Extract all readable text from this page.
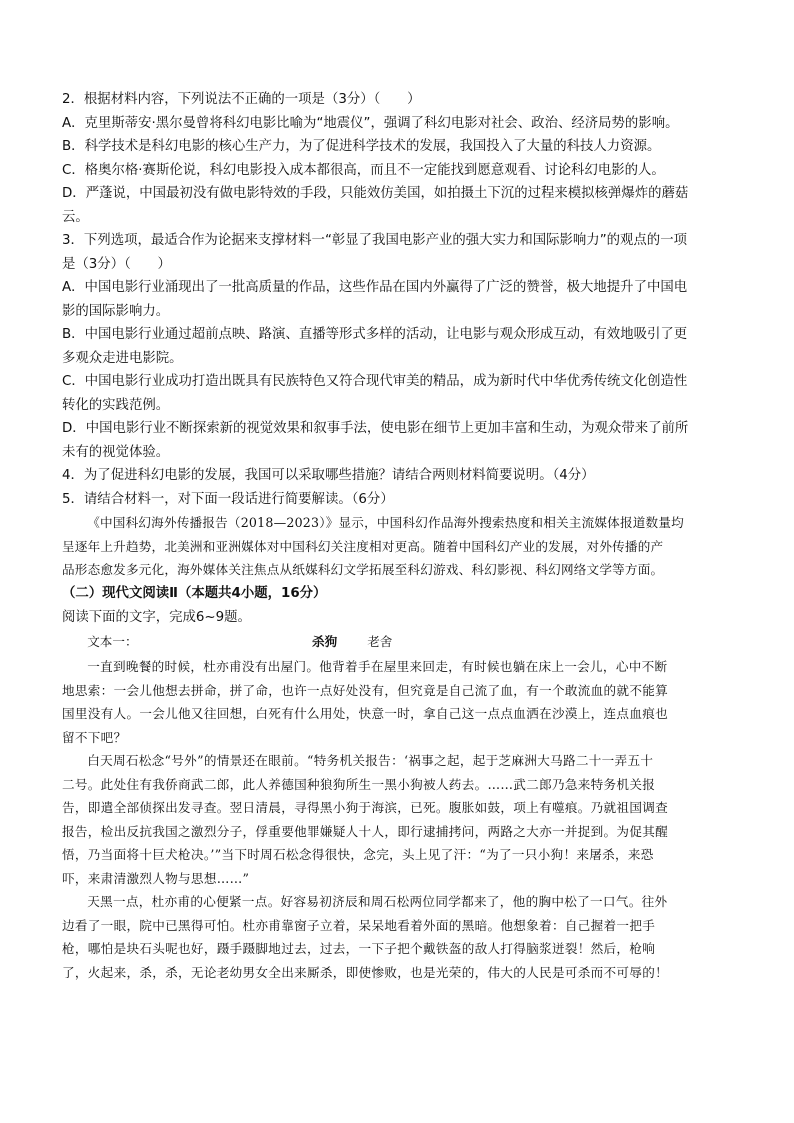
2．根据材料内容，下列说法不正确的一项是（3分）（　　）
A．克里斯蒂安·黑尔曼曾将科幻电影比喻为“地震仪”，强调了科幻电影对社会、政治、经济局势的影响。
B．科学技术是科幻电影的核心生产力，为了促进科学技术的发展，我国投入了大量的科技人力资源。
C．格奥尔格·赛斯伦说，科幻电影投入成本都很高，而且不一定能找到愿意观看、讨论科幻电影的人。
D．严蓬说，中国最初没有做电影特效的手段，只能效仿美国，如拍摄土下沉的过程来模拟核弹爆炸的蘑菇
云。
3．下列选项，最适合作为论据来支撑材料一“彰显了我国电影产业的强大实力和国际影响力”的观点的一项
是（3分）（　　）
A．中国电影行业涌现出了一批高质量的作品，这些作品在国内外赢得了广泛的赞誉，极大地提升了中国电
影的国际影响力。
B．中国电影行业通过超前点映、路演、直播等形式多样的活动，让电影与观众形成互动，有效地吸引了更
多观众走进电影院。
C．中国电影行业成功打造出既具有民族特色又符合现代审美的精品，成为新时代中华优秀传统文化创造性
转化的实践范例。
D．中国电影行业不断探索新的视觉效果和叙事手法，使电影在细节上更加丰富和生动，为观众带来了前所
未有的视觉体验。
4．为了促进科幻电影的发展，我国可以采取哪些措施？请结合两则材料简要说明。（4分）
5．请结合材料一，对下面一段话进行简要解读。（6分）
《中国科幻海外传播报告（2018—2023）》显示，中国科幻作品海外搜索热度和相关主流媒体报道数量均
呈逐年上升趋势，北美洲和亚洲媒体对中国科幻关注度相对更高。随着中国科幻产业的发展，对外传播的产
品形态愈发多元化，海外媒体关注焦点从纸媒科幻文学拓展至科幻游戏、科幻影视、科幻网络文学等方面。
（二）现代文阅读Ⅱ（本题共4小题，16分）
阅读下面的文字，完成6~9题。
文本一：	杀狗 老舍
一直到晚餐的时候，杜亦甫没有出屋门。他背着手在屋里来回走，有时候也躺在床上一会儿，心中不断
地思索：一会儿他想去拼命，拼了命，也许一点好处没有，但究竟是自己流了血，有一个敢流血的就不能算
国里没有人。一会儿他又往回想，白死有什么用处，快意一时，拿自己这一点点血洒在沙漠上，连点血痕也
留不下吧？
白天周石松念“号外”的情景还在眼前。“特务机关报告：‘祸事之起，起于芝麻洲大马路二十一弄五十
二号。此处住有我侨商武二郎，此人养德国种狼狗所生一黑小狗被人药去。……武二郎乃急来特务机关报
告，即遣全部侦探出发寻查。翌日清晨，寻得黑小狗于海滨，已死。腹胀如鼓，项上有噬痕。乃就祖国调查
报告，检出反抗我国之激烈分子，俘重要他罪嫌疑人十人，即行逮捕拷问，两路之大亦一并捉到。为促其醒
悟，乃当面将十巨犬枪决。’”当下时周石松念得很快，念完，头上见了汗：“为了一只小狗！来屠杀，来恐
吓，来肃清激烈人物与思想……”
天黑一点，杜亦甫的心便紧一点。好容易初济辰和周石松两位同学都来了，他的胸中松了一口气。往外
边看了一眼，院中已黑得可怕。杜亦甫靠窗子立着，呆呆地看着外面的黑暗。他想象着：自己握着一把手
枪，哪怕是块石头呢也好，蹑手蹑脚地过去，过去，一下子把个戴铁盔的敌人打得脑浆迸裂！然后，枪响
了，火起来，杀，杀，无论老幼男女全出来厮杀，即使惨败，也是光荣的，伟大的人民是可杀而不可辱的！
